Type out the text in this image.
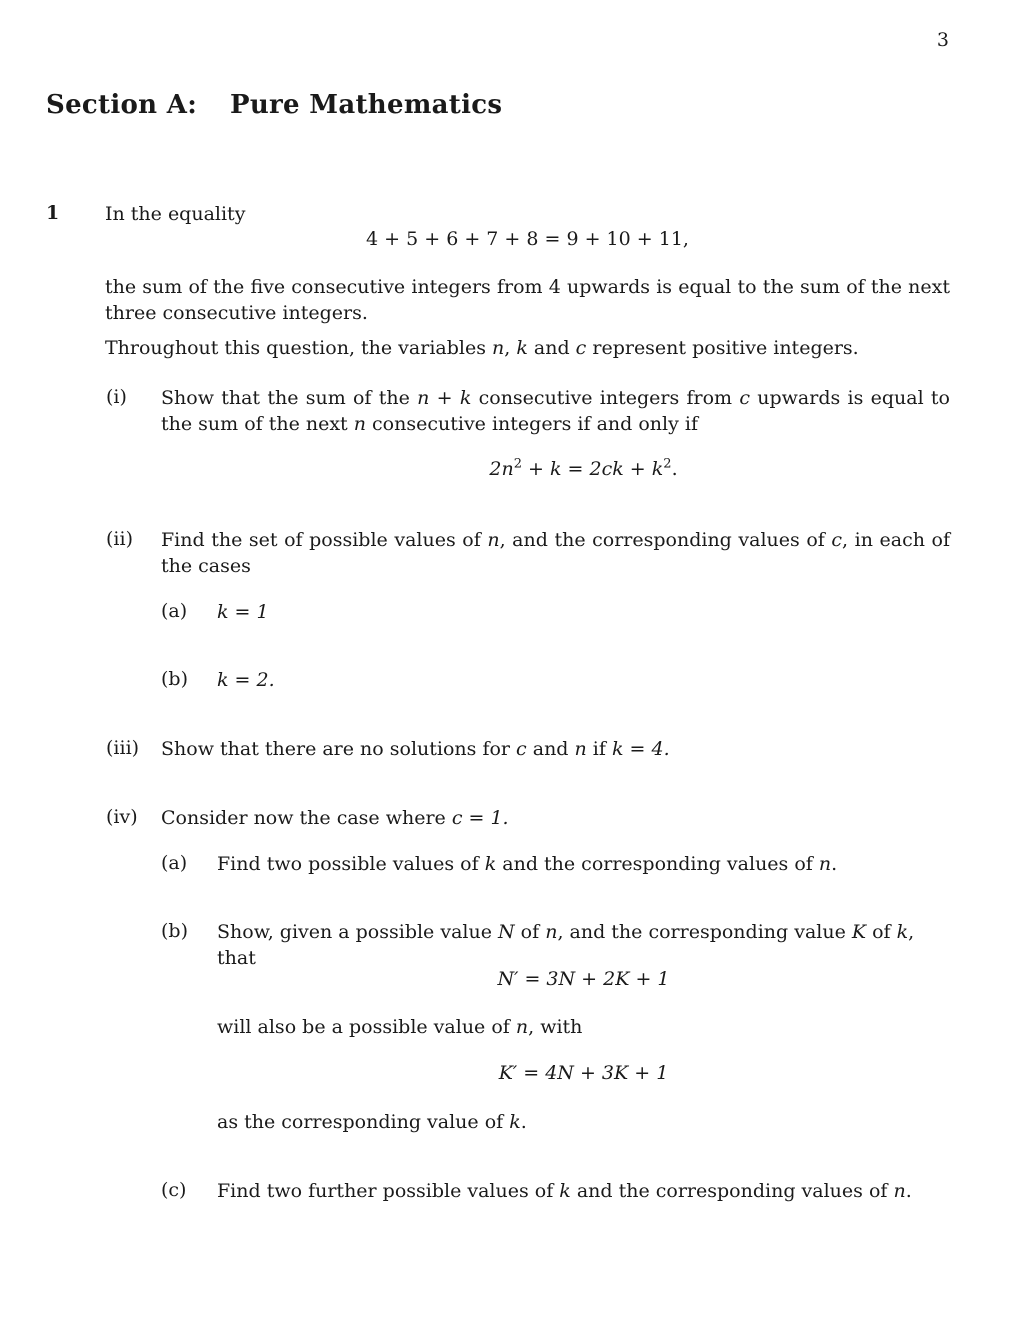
3
Section A: Pure Mathematics
1 In the equality
4 + 5 + 6 + 7 + 8 = 9 + 10 + 11,
the sum of the five consecutive integers from 4 upwards is equal to the sum of the next three consecutive integers.
Throughout this question, the variables n, k and c represent positive integers.
(i) Show that the sum of the n + k consecutive integers from c upwards is equal to the sum of the next n consecutive integers if and only if
$2n^2 + k = 2ck + k^2$.
(ii) Find the set of possible values of n, and the corresponding values of c, in each of the cases
(a) k = 1
(b) k = 2.
(iii) Show that there are no solutions for c and n if k = 4.
(iv) Consider now the case where c = 1.
(a) Find two possible values of k and the corresponding values of n.
(b) Show, given a possible value N of n, and the corresponding value K of k, that
N′ = 3N + 2K + 1
will also be a possible value of n, with
K′ = 4N + 3K + 1
as the corresponding value of k.
(c) Find two further possible values of k and the corresponding values of n.
